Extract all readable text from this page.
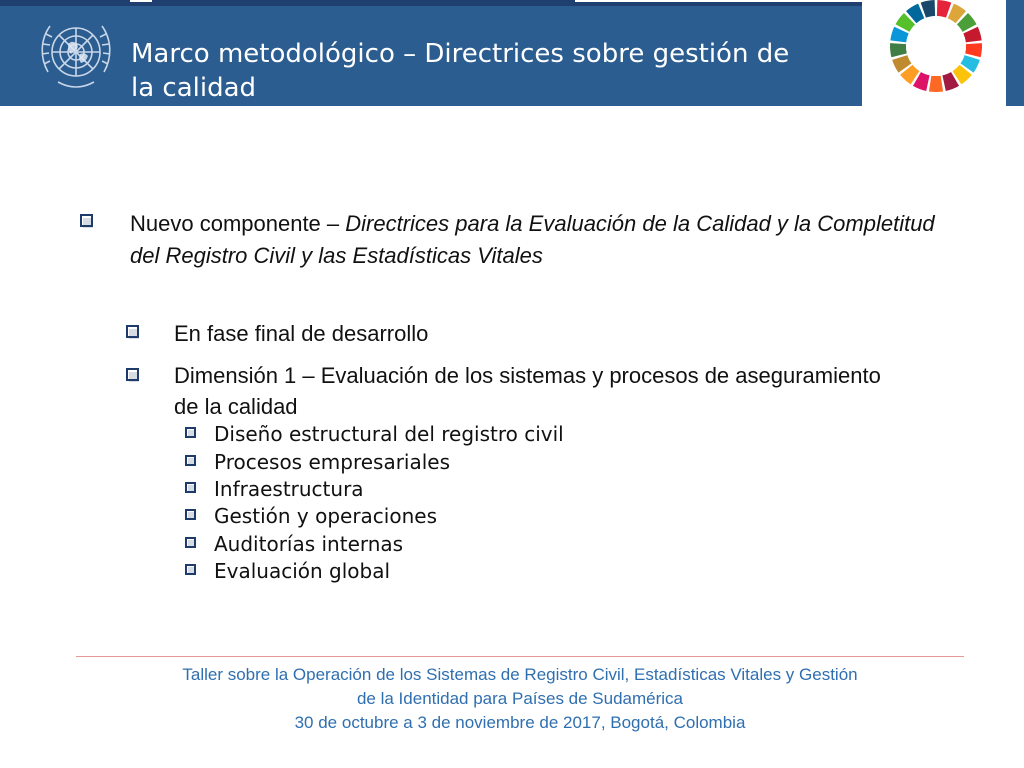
Marco metodológico – Directrices sobre gestión de
la calidad
Nuevo componente – Directrices para la Evaluación de la Calidad y la Completitud del Registro Civil y las Estadísticas Vitales
En fase final de desarrollo
Dimensión 1 – Evaluación de los sistemas y procesos de aseguramiento de la calidad
Diseño estructural del registro civil
Procesos empresariales
Infraestructura
Gestión y operaciones
Auditorías internas
Evaluación global
Taller sobre la Operación de los Sistemas de Registro Civil, Estadísticas Vitales y Gestión
de la Identidad para Países de Sudamérica
30 de octubre a 3 de noviembre de 2017, Bogotá, Colombia
